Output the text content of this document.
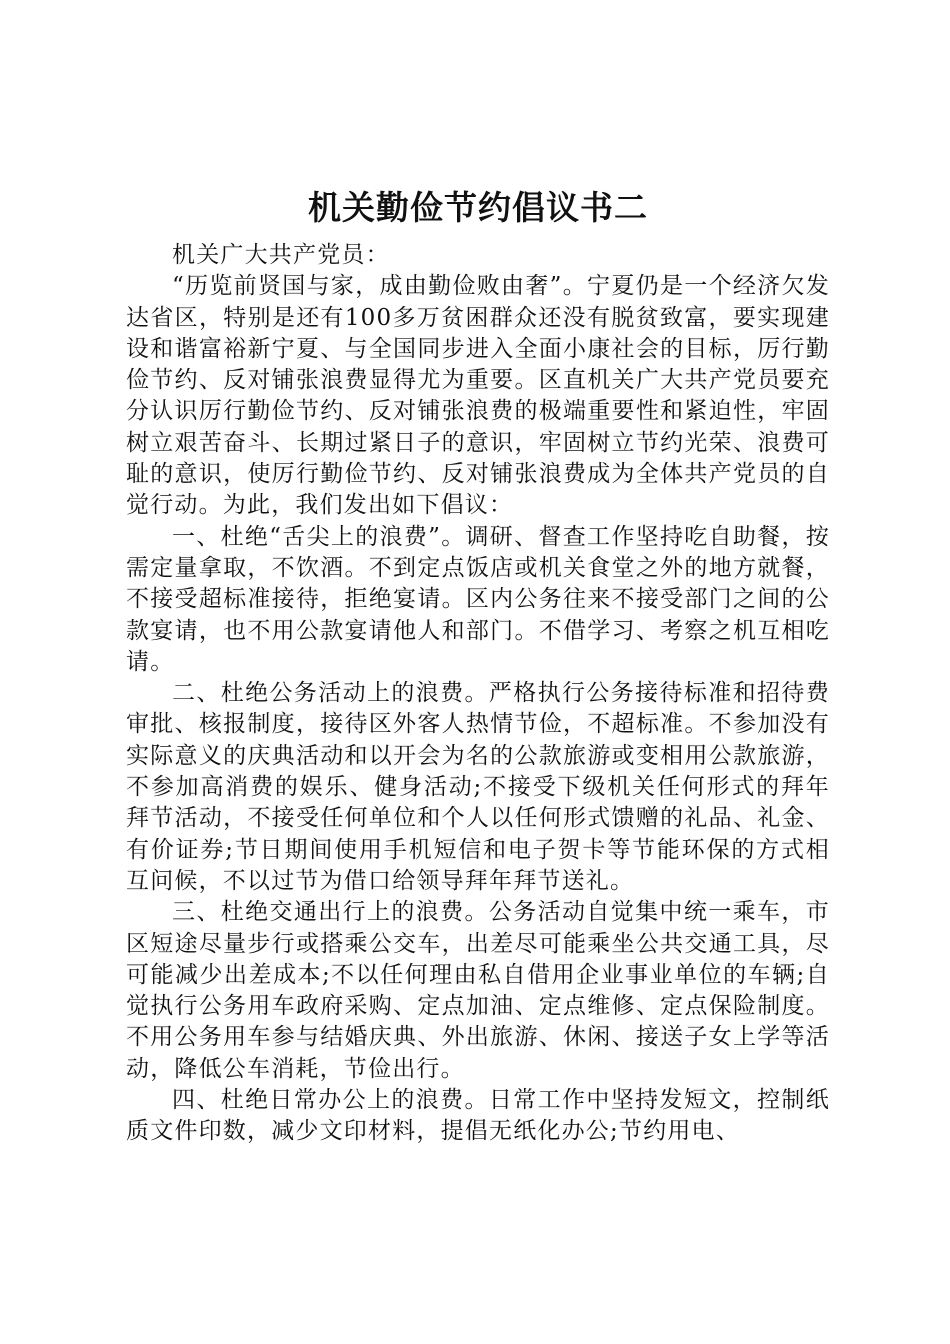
机关勤俭节约倡议书二

机关广大共产党员：

“历览前贤国与家，成由勤俭败由奢”。宁夏仍是一个经济欠发达省区，特别是还有100多万贫困群众还没有脱贫致富，要实现建设和谐富裕新宁夏、与全国同步进入全面小康社会的目标，厉行勤俭节约、反对铺张浪费显得尤为重要。区直机关广大共产党员要充分认识厉行勤俭节约、反对铺张浪费的极端重要性和紧迫性，牢固树立艰苦奋斗、长期过紧日子的意识，牢固树立节约光荣、浪费可耻的意识，使厉行勤俭节约、反对铺张浪费成为全体共产党员的自觉行动。为此，我们发出如下倡议：

一、杜绝“舌尖上的浪费”。调研、督查工作坚持吃自助餐，按需定量拿取，不饮酒。不到定点饭店或机关食堂之外的地方就餐，不接受超标准接待，拒绝宴请。区内公务往来不接受部门之间的公款宴请，也不用公款宴请他人和部门。不借学习、考察之机互相吃请。

二、杜绝公务活动上的浪费。严格执行公务接待标准和招待费审批、核报制度，接待区外客人热情节俭，不超标准。不参加没有实际意义的庆典活动和以开会为名的公款旅游或变相用公款旅游，不参加高消费的娱乐、健身活动;不接受下级机关任何形式的拜年拜节活动，不接受任何单位和个人以任何形式馈赠的礼品、礼金、有价证券;节日期间使用手机短信和电子贺卡等节能环保的方式相互问候，不以过节为借口给领导拜年拜节送礼。

三、杜绝交通出行上的浪费。公务活动自觉集中统一乘车，市区短途尽量步行或搭乘公交车，出差尽可能乘坐公共交通工具，尽可能减少出差成本;不以任何理由私自借用企业事业单位的车辆;自觉执行公务用车政府采购、定点加油、定点维修、定点保险制度。不用公务用车参与结婚庆典、外出旅游、休闲、接送子女上学等活动，降低公车消耗，节俭出行。

四、杜绝日常办公上的浪费。日常工作中坚持发短文，控制纸质文件印数，减少文印材料，提倡无纸化办公;节约用电、
